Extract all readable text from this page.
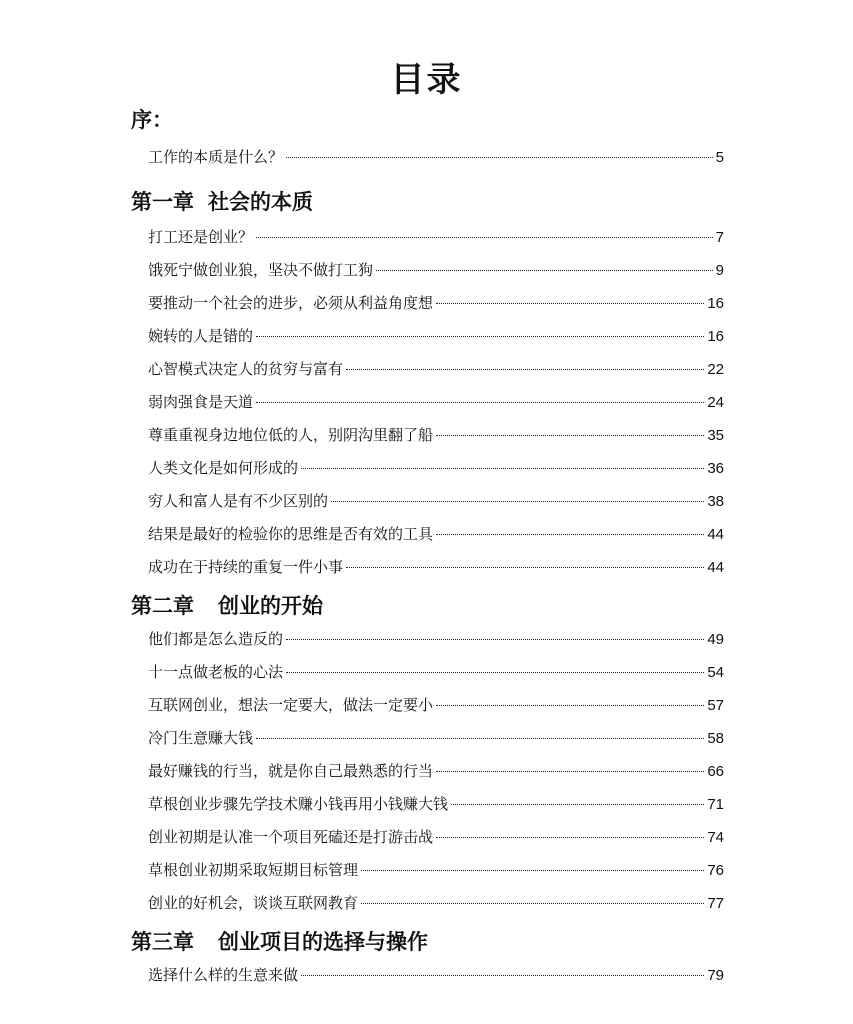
目录
序：
工作的本质是什么？	5
第一章 社会的本质
打工还是创业？	7
饿死宁做创业狼，坚决不做打工狗	9
要推动一个社会的进步，必须从利益角度想	16
婉转的人是错的	16
心智模式决定人的贫穷与富有	22
弱肉强食是天道	24
尊重重视身边地位低的人，别阴沟里翻了船	35
人类文化是如何形成的	36
穷人和富人是有不少区别的	38
结果是最好的检验你的思维是否有效的工具	44
成功在于持续的重复一件小事	44
第二章 创业的开始
他们都是怎么造反的	49
十一点做老板的心法	54
互联网创业，想法一定要大，做法一定要小	57
冷门生意赚大钱	58
最好赚钱的行当，就是你自己最熟悉的行当	66
草根创业步骤先学技术赚小钱再用小钱赚大钱	71
创业初期是认准一个项目死磕还是打游击战	74
草根创业初期采取短期目标管理	76
创业的好机会，谈谈互联网教育	77
第三章 创业项目的选择与操作
选择什么样的生意来做	79
